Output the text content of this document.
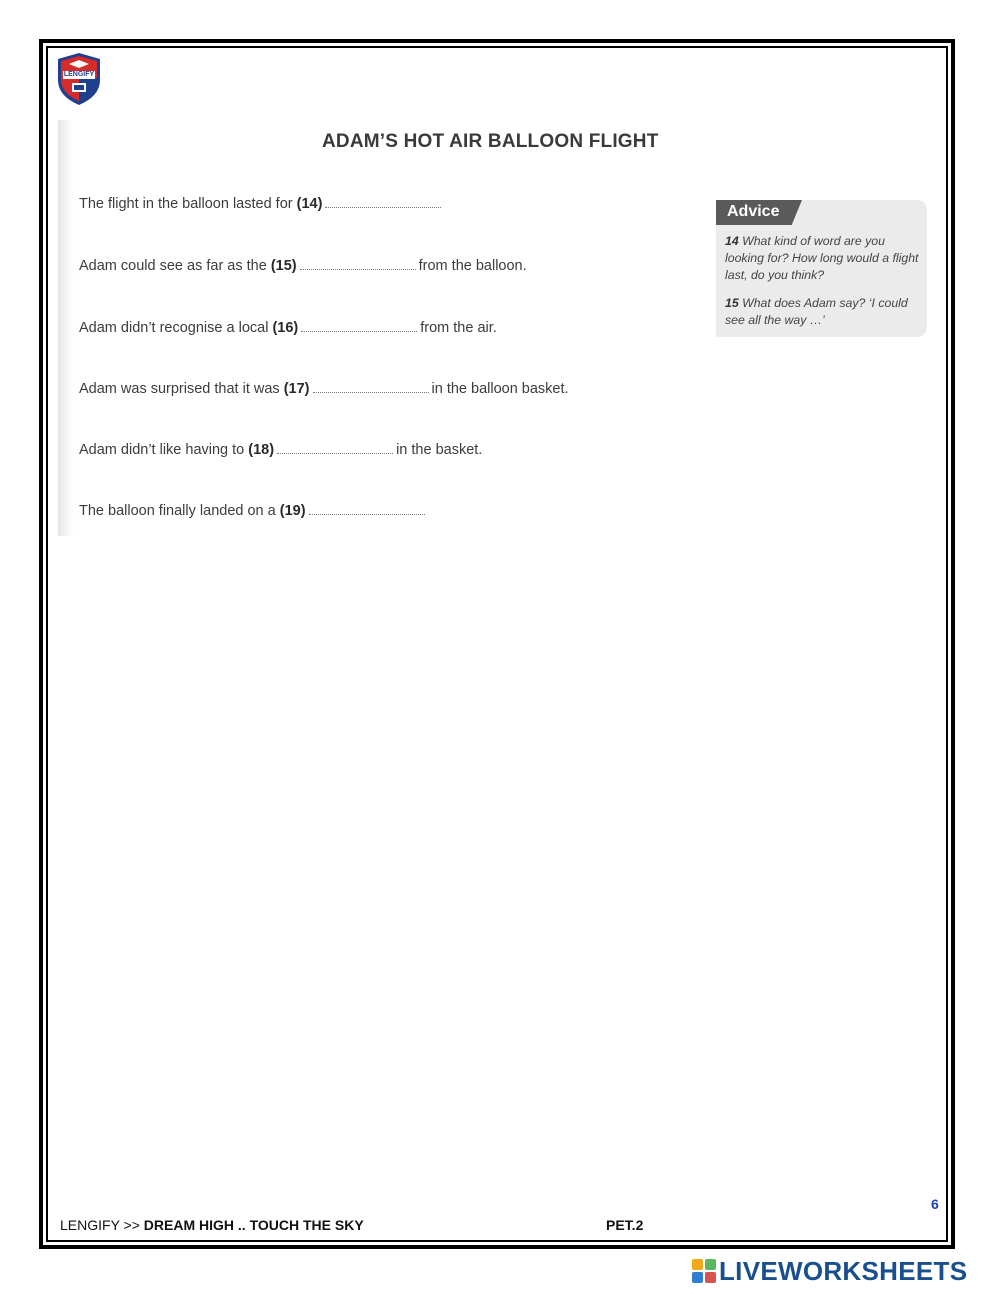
LENGIFY
ADAM’S HOT AIR BALLOON FLIGHT
The flight in the balloon lasted for (14)
Adam could see as far as the (15)	from the balloon.
Adam didn’t recognise a local (16)	from the air.
Adam was surprised that it was (17)	in the balloon basket.
Adam didn’t like having to (18)	in the basket.
The balloon finally landed on a (19)
Advice
14 What kind of word are you looking for? How long would a flight last, do you think?
15 What does Adam say? ‘I could see all the way …’
6
LENGIFY >> DREAM HIGH .. TOUCH THE SKY	PET.2
LIVEWORKSHEETS
